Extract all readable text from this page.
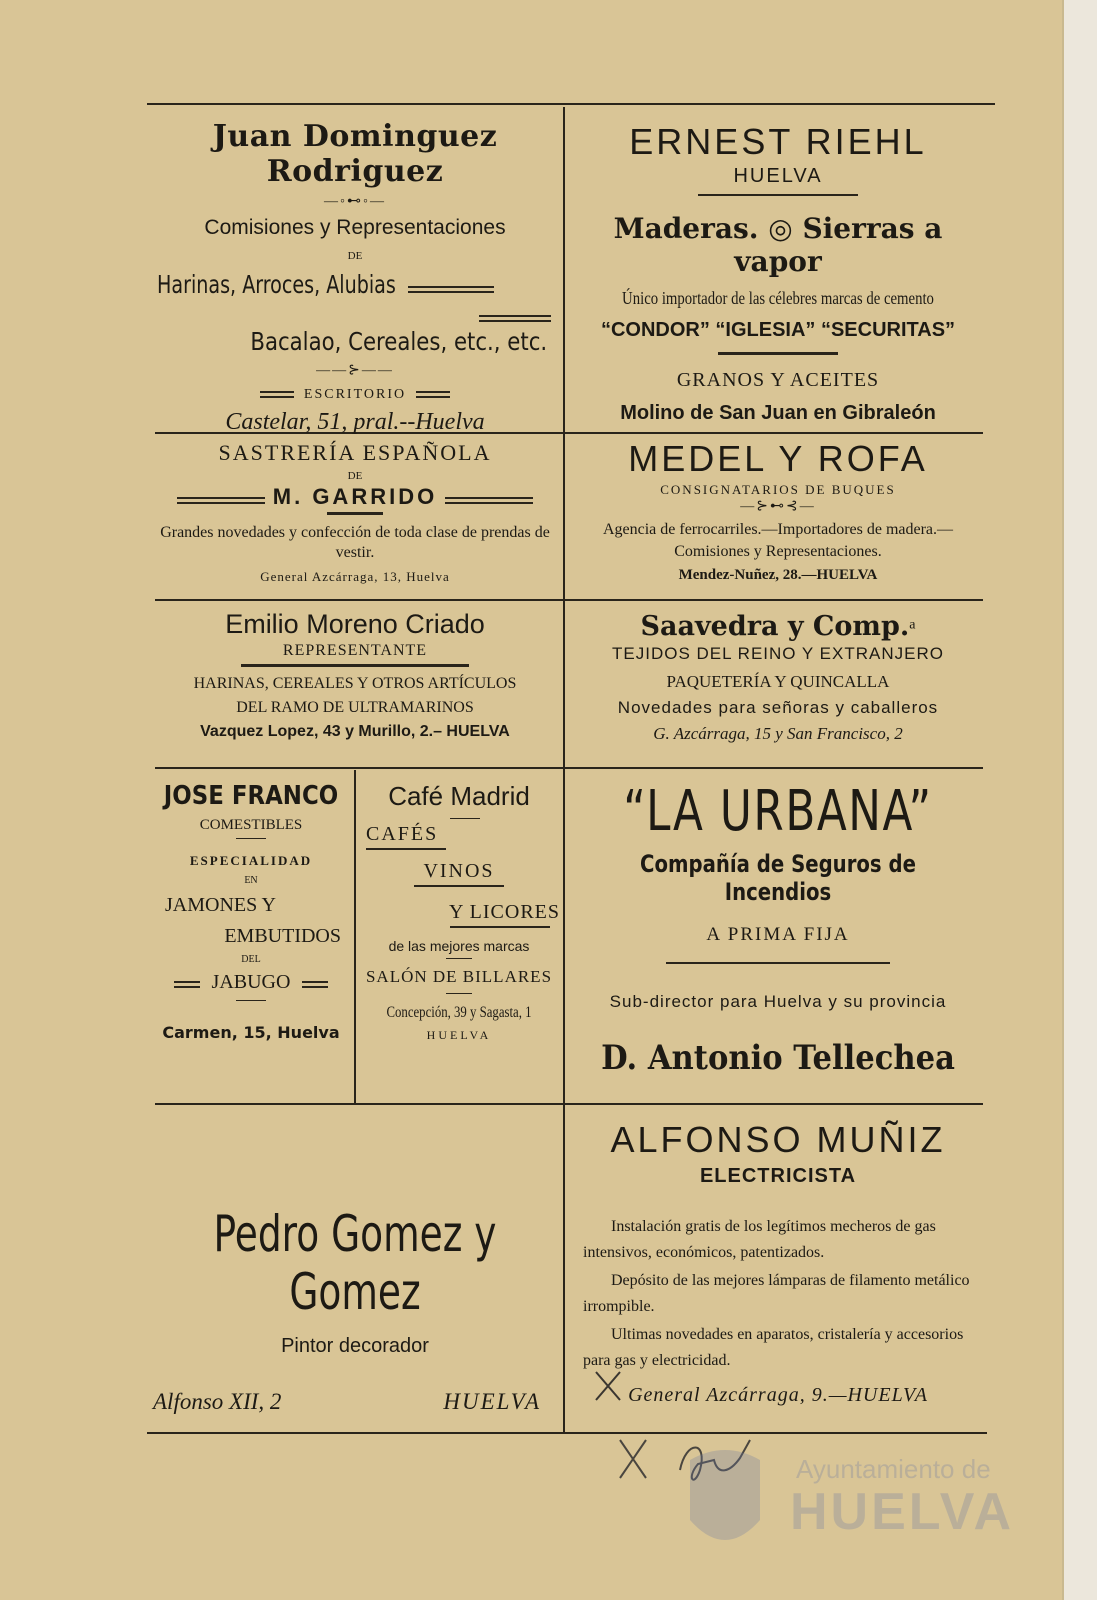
Juan Dominguez Rodriguez
—◦⊷◦—
Comisiones y Representaciones
DE
Harinas, Arroces, Alubias
Bacalao, Cereales, etc., etc.
——⊱——
ESCRITORIO
Castelar, 51, pral.--Huelva
ERNEST RIEHL
HUELVA
Maderas. ◎ Sierras a vapor
Único importador de las célebres marcas de cemento
“CONDOR” “IGLESIA” “SECURITAS”
GRANOS Y ACEITES
Molino de San Juan en Gibraleón
SASTRERÍA ESPAÑOLA
DE
M. GARRIDO
Grandes novedades y confección de toda clase de prendas de vestir.
General Azcárraga, 13, Huelva
MEDEL Y ROFA
CONSIGNATARIOS DE BUQUES
—⊱⊷⊰—
Agencia de ferrocarriles.—Importadores de madera.—Comisiones y Representaciones.
Mendez-Nuñez, 28.—HUELVA
Emilio Moreno Criado
REPRESENTANTE
HARINAS, CEREALES Y OTROS ARTÍCULOS
DEL RAMO DE ULTRAMARINOS
Vazquez Lopez, 43 y Murillo, 2.– HUELVA
Saavedra y Comp.$^a$
TEJIDOS DEL REINO Y EXTRANJERO
PAQUETERÍA Y QUINCALLA
Novedades para señoras y caballeros
G. Azcárraga, 15 y San Francisco, 2
JOSE FRANCO
COMESTIBLES
ESPECIALIDAD
EN
JAMONES Y
EMBUTIDOS
DEL
JABUGO
Carmen, 15, Huelva
Café Madrid
CAFÉS
VINOS
Y LICORES
de las mejores marcas
SALÓN DE BILLARES
Concepción, 39 y Sagasta, 1
HUELVA
“LA URBANA”
Compañía de Seguros de Incendios
A PRIMA FIJA
Sub-director para Huelva y su provincia
D. Antonio Tellechea
Pedro Gomez y Gomez
Pintor decorador
Alfonso XII, 2	HUELVA
ALFONSO MUÑIZ
ELECTRICISTA
Instalación gratis de los legítimos mecheros de gas intensivos, económicos, patentizados.
Depósito de las mejores lámparas de filamento metálico irrompible.
Ultimas novedades en aparatos, cristalería y accesorios para gas y electricidad.
General Azcárraga, 9.—HUELVA
Ayuntamiento de
HUELVA
